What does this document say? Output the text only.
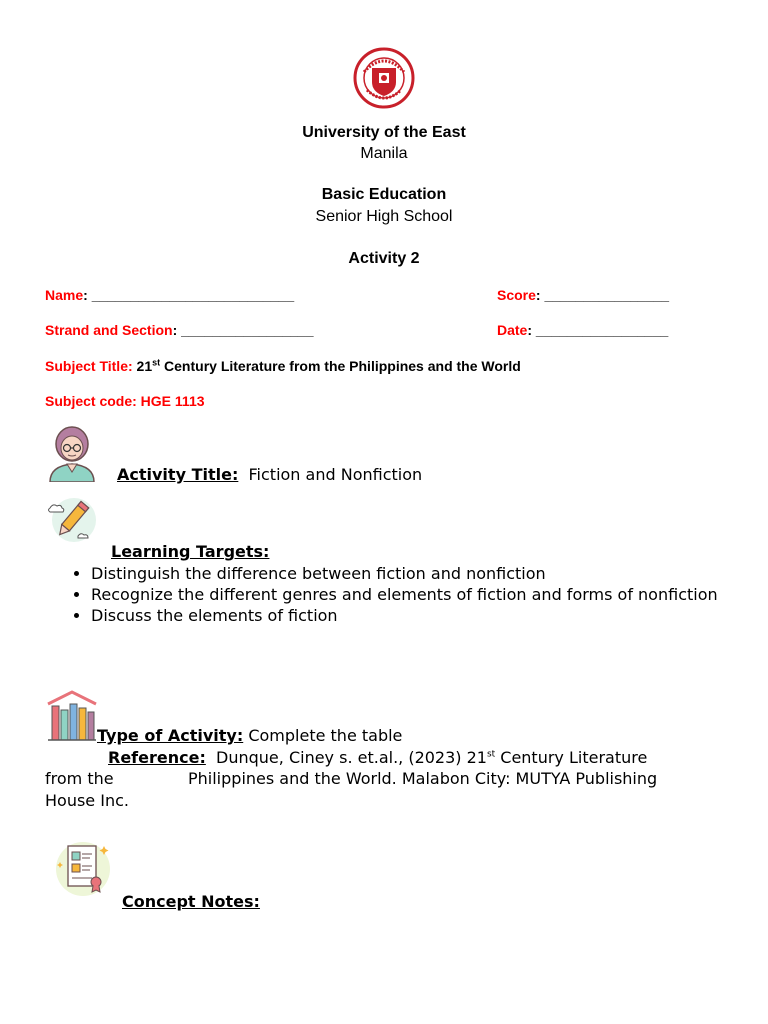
University of the East
Manila
Basic Education
Senior High School
Activity 2
Name: __________________________	Score: ________________
Strand and Section: _________________	Date: _________________
Subject Title: 21st Century Literature from the Philippines and the World
Subject code: HGE 1113
Activity Title: Fiction and Nonfiction
Learning Targets:
• Distinguish the difference between fiction and nonfiction
• Recognize the different genres and elements of fiction and forms of nonfiction
• Discuss the elements of fiction
Type of Activity: Complete the table
Reference: Dunque, Ciney s. et.al., (2023) 21st Century Literature
from the	Philippines and the World. Malabon City: MUTYA Publishing
House Inc.
Concept Notes:
